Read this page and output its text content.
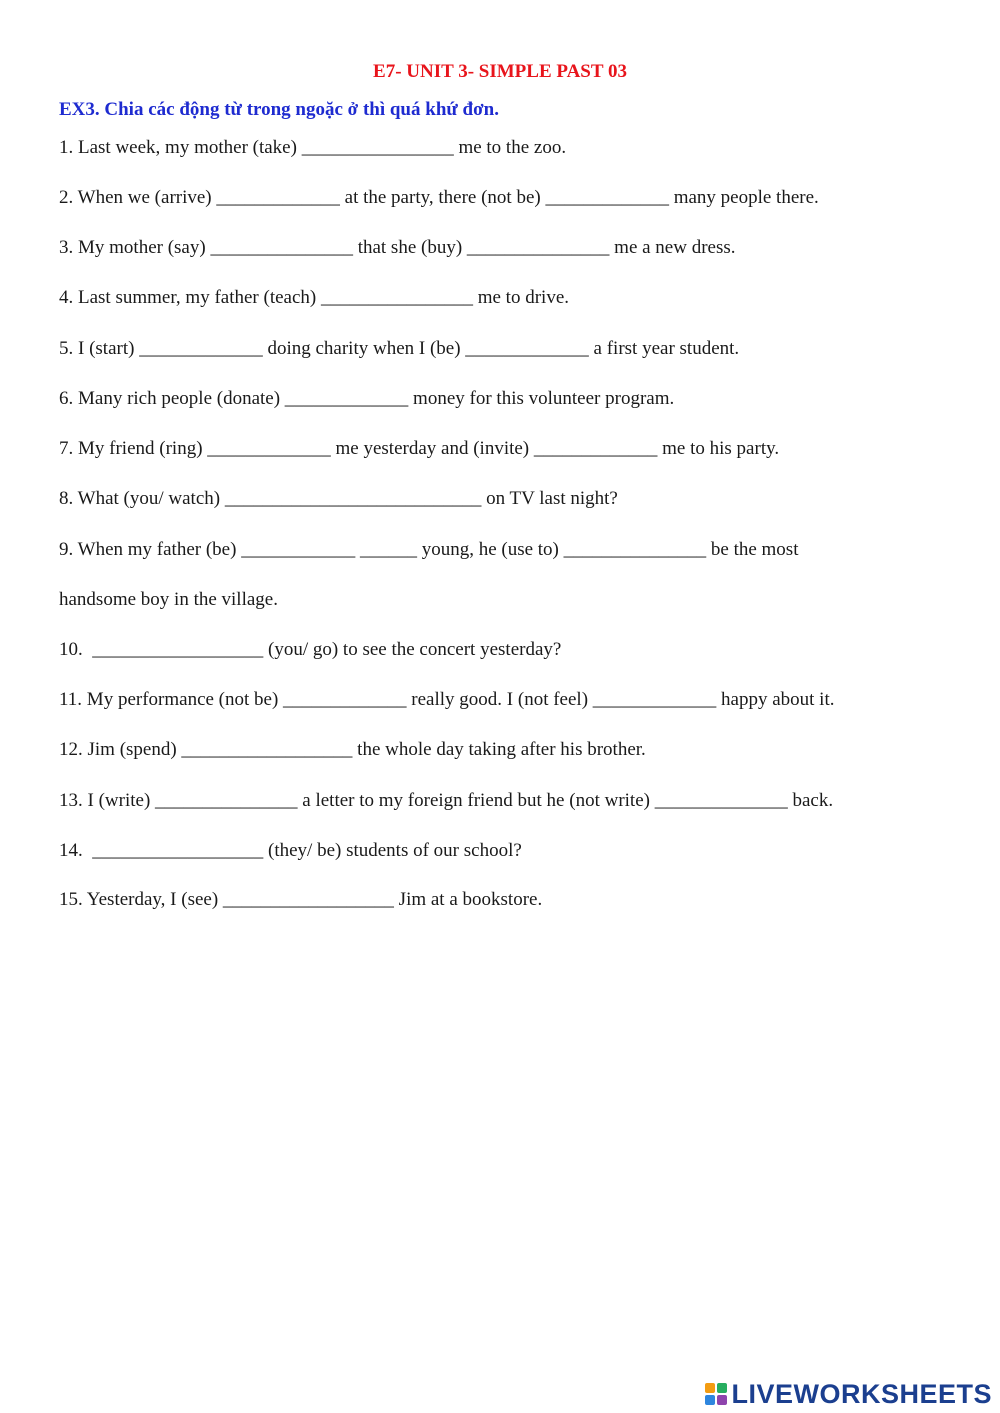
E7- UNIT 3- SIMPLE PAST 03
EX3. Chia các động từ trong ngoặc ở thì quá khứ đơn.
1. Last week, my mother (take) ________________ me to the zoo.
2. When we (arrive) _____________ at the party, there (not be) _____________ many people there.
3. My mother (say) _______________ that she (buy) _______________ me a new dress.
4. Last summer, my father (teach) ________________ me to drive.
5. I (start) _____________ doing charity when I (be) _____________ a first year student.
6. Many rich people (donate) _____________ money for this volunteer program.
7. My friend (ring) _____________ me yesterday and (invite) _____________ me to his party.
8. What (you/ watch) ___________________________ on TV last night?
9. When my father (be) ____________ ______ young, he (use to) _______________ be the most
handsome boy in the village.
10.  __________________ (you/ go) to see the concert yesterday?
11. My performance (not be) _____________ really good. I (not feel) _____________ happy about it.
12. Jim (spend) __________________ the whole day taking after his brother.
13. I (write) _______________ a letter to my foreign friend but he (not write) ______________ back.
14.  __________________ (they/ be) students of our school?
15. Yesterday, I (see) __________________ Jim at a bookstore.
LIVEWORKSHEETS
